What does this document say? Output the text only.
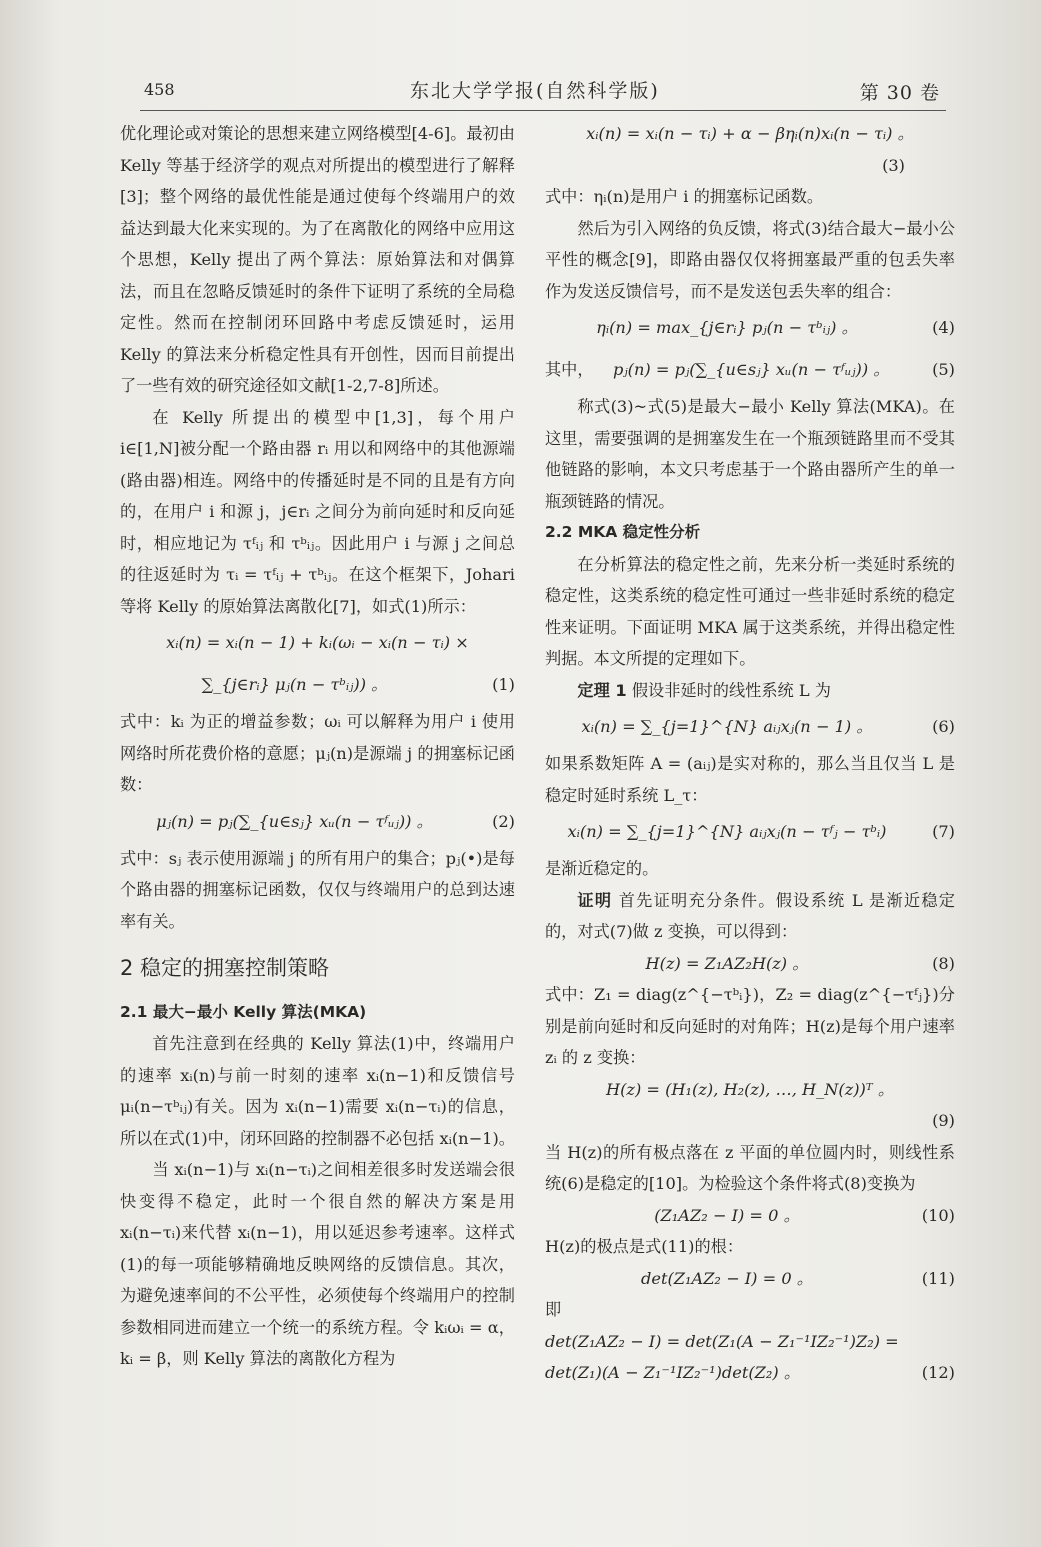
458	东北大学学报(自然科学版)	第 30 卷

优化理论或对策论的思想来建立网络模型[4-6]。最初由 Kelly 等基于经济学的观点对所提出的模型进行了解释[3]；整个网络的最优性能是通过使每个终端用户的效益达到最大化来实现的。为了在离散化的网络中应用这个思想，Kelly 提出了两个算法：原始算法和对偶算法，而且在忽略反馈延时的条件下证明了系统的全局稳定性。然而在控制闭环回路中考虑反馈延时，运用 Kelly 的算法来分析稳定性具有开创性，因而目前提出了一些有效的研究途径如文献[1-2,7-8]所述。

在 Kelly 所提出的模型中[1,3]，每个用户 i∈[1,N]被分配一个路由器 rᵢ 用以和网络中的其他源端(路由器)相连。网络中的传播延时是不同的且是有方向的，在用户 i 和源 j，j∈rᵢ 之间分为前向延时和反向延时，相应地记为 τᶠᵢⱼ 和 τᵇᵢⱼ。因此用户 i 与源 j 之间总的往返延时为 τᵢ = τᶠᵢⱼ + τᵇᵢⱼ。在这个框架下，Johari 等将 Kelly 的原始算法离散化[7]，如式(1)所示：

xᵢ(n) = xᵢ(n − 1) + kᵢ(ωᵢ − xᵢ(n − τᵢ) ×
∑_{j∈rᵢ} μⱼ(n − τᵇᵢⱼ)) 。	(1)

式中：kᵢ 为正的增益参数；ωᵢ 可以解释为用户 i 使用网络时所花费价格的意愿；μⱼ(n)是源端 j 的拥塞标记函数：

μⱼ(n) = pⱼ(∑_{u∈sⱼ} xᵤ(n − τᶠᵤⱼ)) 。	(2)

式中：sⱼ 表示使用源端 j 的所有用户的集合；pⱼ(•)是每个路由器的拥塞标记函数，仅仅与终端用户的总到达速率有关。

2 稳定的拥塞控制策略
2.1 最大−最小 Kelly 算法(MKA)

首先注意到在经典的 Kelly 算法(1)中，终端用户的速率 xᵢ(n)与前一时刻的速率 xᵢ(n−1)和反馈信号 μᵢ(n−τᵇᵢⱼ)有关。因为 xᵢ(n−1)需要 xᵢ(n−τᵢ)的信息，所以在式(1)中，闭环回路的控制器不必包括 xᵢ(n−1)。

当 xᵢ(n−1)与 xᵢ(n−τᵢ)之间相差很多时发送端会很快变得不稳定，此时一个很自然的解决方案是用 xᵢ(n−τᵢ)来代替 xᵢ(n−1)，用以延迟参考速率。这样式(1)的每一项能够精确地反映网络的反馈信息。其次，为避免速率间的不公平性，必须使每个终端用户的控制参数相同进而建立一个统一的系统方程。令 kᵢωᵢ = α，kᵢ = β，则 Kelly 算法的离散化方程为

xᵢ(n) = xᵢ(n − τᵢ) + α − βηᵢ(n)xᵢ(n − τᵢ) 。
(3)

式中：ηᵢ(n)是用户 i 的拥塞标记函数。

然后为引入网络的负反馈，将式(3)结合最大−最小公平性的概念[9]，即路由器仅仅将拥塞最严重的包丢失率作为发送反馈信号，而不是发送包丢失率的组合：

ηᵢ(n) = max_{j∈rᵢ} pⱼ(n − τᵇᵢⱼ) 。	(4)
其中，	pⱼ(n) = pⱼ(∑_{u∈sⱼ} xᵤ(n − τᶠᵤⱼ)) 。	(5)

称式(3)~式(5)是最大−最小 Kelly 算法(MKA)。在这里，需要强调的是拥塞发生在一个瓶颈链路里而不受其他链路的影响，本文只考虑基于一个路由器所产生的单一瓶颈链路的情况。

2.2 MKA 稳定性分析

在分析算法的稳定性之前，先来分析一类延时系统的稳定性，这类系统的稳定性可通过一些非延时系统的稳定性来证明。下面证明 MKA 属于这类系统，并得出稳定性判据。本文所提的定理如下。

定理 1 假设非延时的线性系统 L 为

xᵢ(n) = ∑_{j=1}^{N} aᵢⱼxⱼ(n − 1) 。	(6)

如果系数矩阵 A = (aᵢⱼ)是实对称的，那么当且仅当 L 是稳定时延时系统 L_τ：

xᵢ(n) = ∑_{j=1}^{N} aᵢⱼxⱼ(n − τᶠⱼ − τᵇᵢ)	(7)

是渐近稳定的。

证明 首先证明充分条件。假设系统 L 是渐近稳定的，对式(7)做 z 变换，可以得到：

H(z) = Z₁AZ₂H(z) 。	(8)

式中：Z₁ = diag(z^{−τᵇᵢ})，Z₂ = diag(z^{−τᶠⱼ})分别是前向延时和反向延时的对角阵；H(z)是每个用户速率 zᵢ 的 z 变换：

H(z) = (H₁(z), H₂(z), …, H_N(z))ᵀ 。
(9)

当 H(z)的所有极点落在 z 平面的单位圆内时，则线性系统(6)是稳定的[10]。为检验这个条件将式(8)变换为

(Z₁AZ₂ − I) = 0 。	(10)

H(z)的极点是式(11)的根：

det(Z₁AZ₂ − I) = 0 。	(11)

即

det(Z₁AZ₂ − I) = det(Z₁(A − Z₁⁻¹IZ₂⁻¹)Z₂) =
det(Z₁)(A − Z₁⁻¹IZ₂⁻¹)det(Z₂) 。	(12)
